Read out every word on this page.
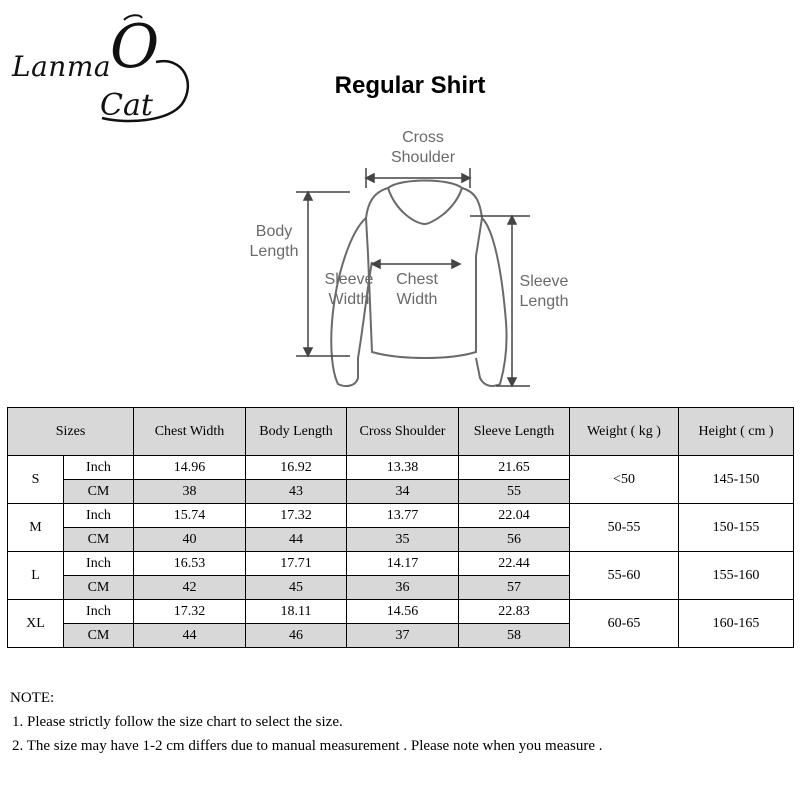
Lanma
O
Cat
Regular Shirt
Cross
Shoulder
Body
Length
Sleeve
Width
Chest
Width
Sleeve
Length
Sizes		Chest Width	Body Length	Cross Shoulder	Sleeve Length	Weight ( kg )	Height ( cm )
S	Inch	14.96	16.92	13.38	21.65	<50	145-150
	CM	38	43	34	55		
M	Inch	15.74	17.32	13.77	22.04	50-55	150-155
	CM	40	44	35	56		
L	Inch	16.53	17.71	14.17	22.44	55-60	155-160
	CM	42	45	36	57		
XL	Inch	17.32	18.11	14.56	22.83	60-65	160-165
	CM	44	46	37	58		
NOTE:
1. Please strictly follow the size chart to select the size.
2. The size may have 1-2 cm differs due to manual measurement . Please note when you measure .
